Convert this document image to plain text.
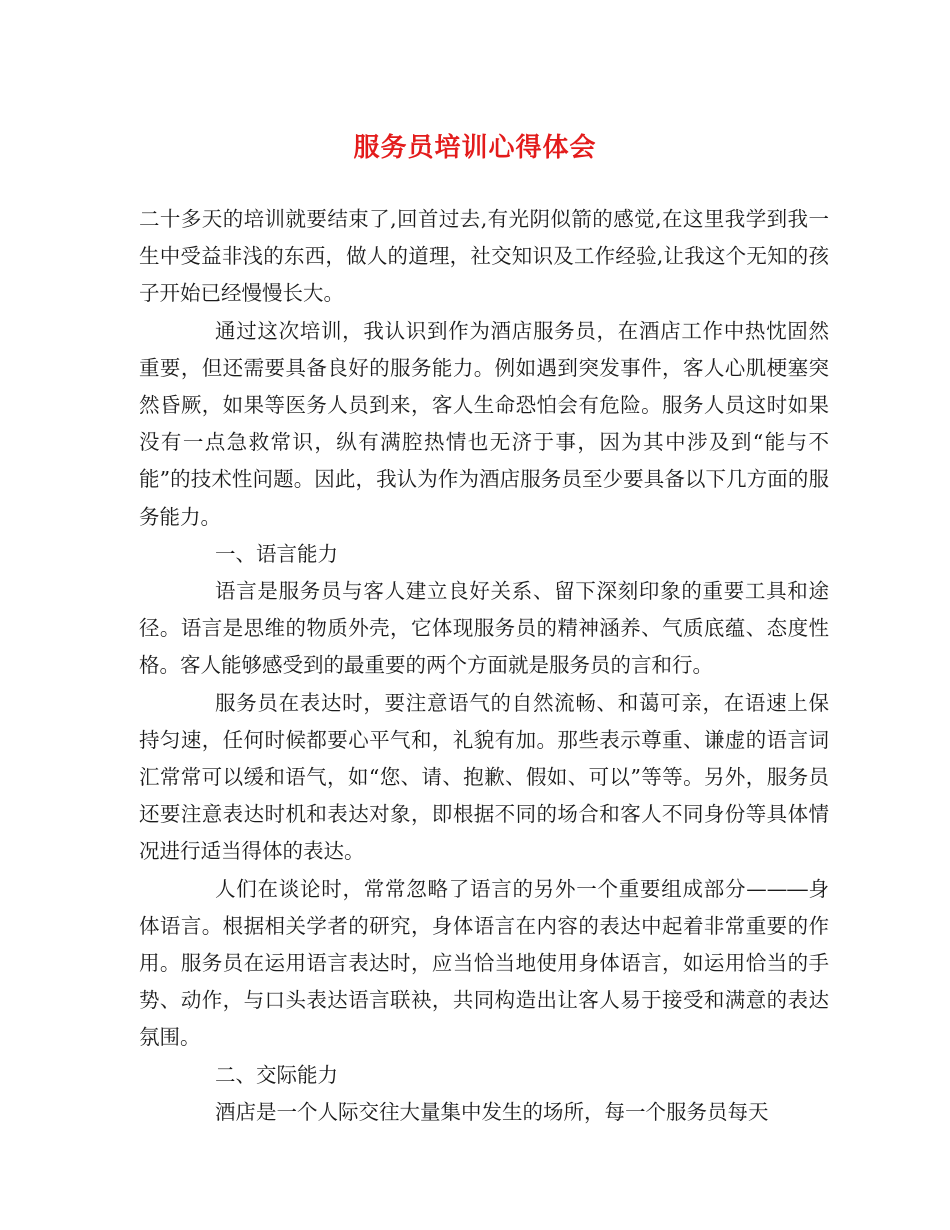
服务员培训心得体会

二十多天的培训就要结束了,回首过去,有光阴似箭的感觉,在这里我学到我一生中受益非浅的东西，做人的道理，社交知识及工作经验,让我这个无知的孩子开始已经慢慢长大。

通过这次培训，我认识到作为酒店服务员，在酒店工作中热忱固然重要，但还需要具备良好的服务能力。例如遇到突发事件，客人心肌梗塞突然昏厥，如果等医务人员到来，客人生命恐怕会有危险。服务人员这时如果没有一点急救常识，纵有满腔热情也无济于事，因为其中涉及到“能与不能”的技术性问题。因此，我认为作为酒店服务员至少要具备以下几方面的服务能力。

一、语言能力

语言是服务员与客人建立良好关系、留下深刻印象的重要工具和途径。语言是思维的物质外壳，它体现服务员的精神涵养、气质底蕴、态度性格。客人能够感受到的最重要的两个方面就是服务员的言和行。

服务员在表达时，要注意语气的自然流畅、和蔼可亲，在语速上保持匀速，任何时候都要心平气和，礼貌有加。那些表示尊重、谦虚的语言词汇常常可以缓和语气，如“您、请、抱歉、假如、可以”等等。另外，服务员还要注意表达时机和表达对象，即根据不同的场合和客人不同身份等具体情况进行适当得体的表达。

人们在谈论时，常常忽略了语言的另外一个重要组成部分——―身体语言。根据相关学者的研究，身体语言在内容的表达中起着非常重要的作用。服务员在运用语言表达时，应当恰当地使用身体语言，如运用恰当的手势、动作，与口头表达语言联袂，共同构造出让客人易于接受和满意的表达氛围。

二、交际能力

酒店是一个人际交往大量集中发生的场所，每一个服务员每天
